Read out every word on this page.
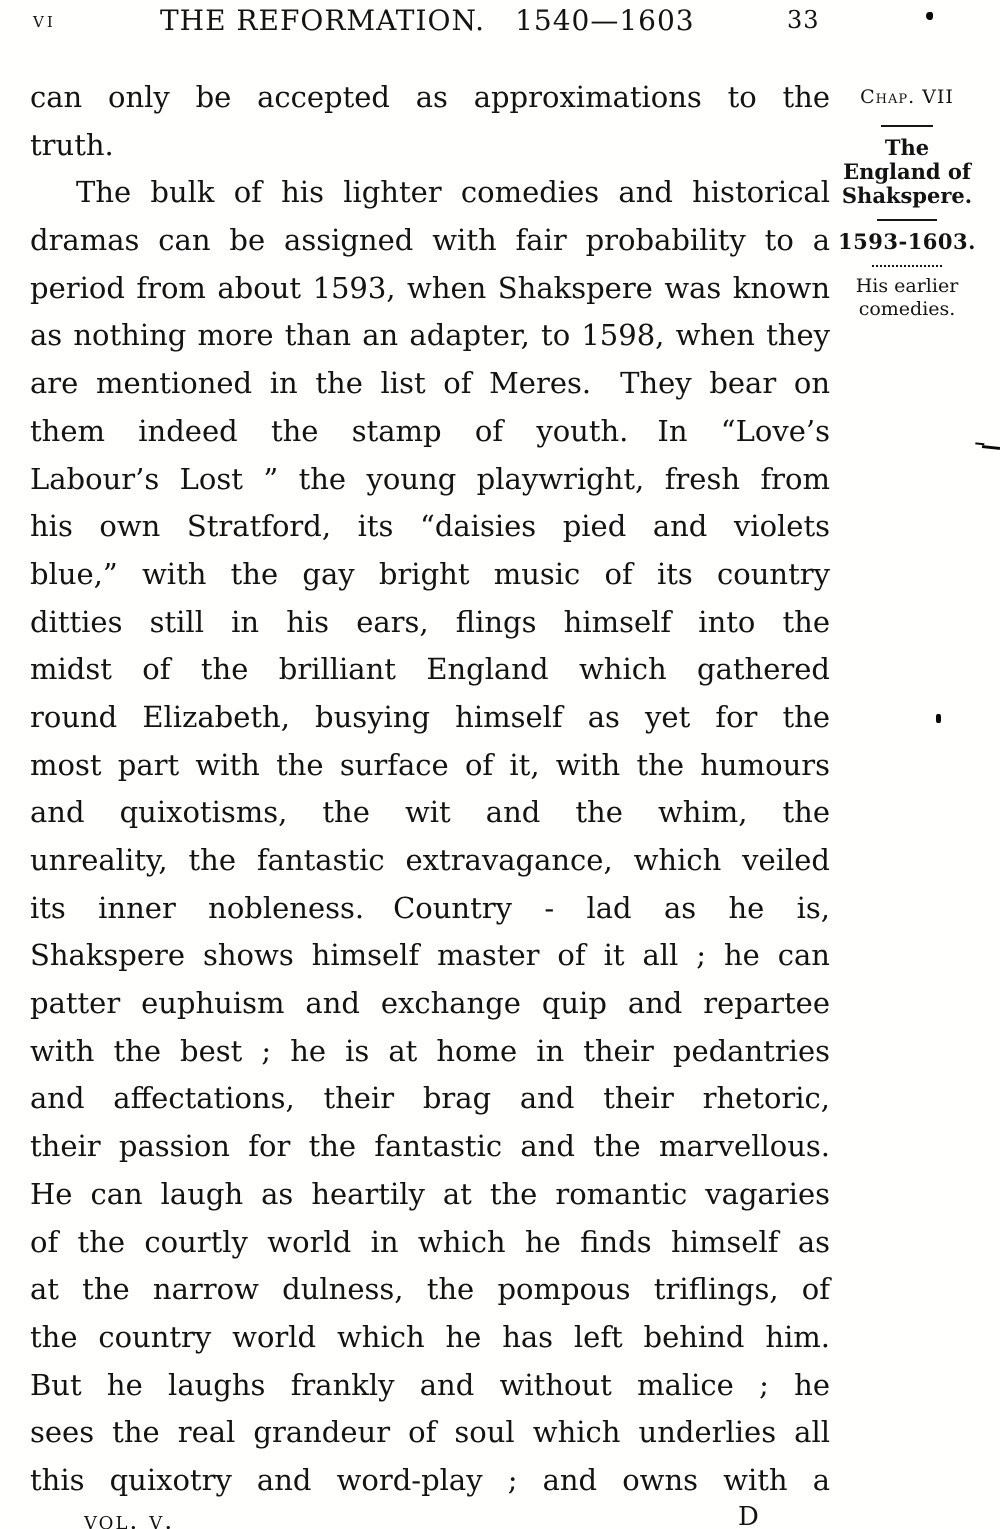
vi	THE REFORMATION.  1540—1603	33
can only be accepted as approximations to the
truth.
The bulk of his lighter comedies and historical
dramas can be assigned with fair probability to a
period from about 1593, when Shakspere was known
as nothing more than an adapter, to 1598, when they
are mentioned in the list of Meres. They bear on
them indeed the stamp of youth. In “Love’s
Labour’s Lost ” the young playwright, fresh from
his own Stratford, its “daisies pied and violets
blue,” with the gay bright music of its country
ditties still in his ears, flings himself into the
midst of the brilliant England which gathered
round Elizabeth, busying himself as yet for the
most part with the surface of it, with the humours
and quixotisms, the wit and the whim, the
unreality, the fantastic extravagance, which veiled
its inner nobleness. Country - lad as he is,
Shakspere shows himself master of it all ; he can
patter euphuism and exchange quip and repartee
with the best ; he is at home in their pedantries
and affectations, their brag and their rhetoric,
their passion for the fantastic and the marvellous.
He can laugh as heartily at the romantic vagaries
of the courtly world in which he finds himself as
at the narrow dulness, the pompous triflings, of
the country world which he has left behind him.
But he laughs frankly and without malice ; he
sees the real grandeur of soul which underlies all
this quixotry and word-play ; and owns with a
Chap. VII
The
England of
Shakspere.
1593-1603.
His earlier
comedies.
vol. v.	D
